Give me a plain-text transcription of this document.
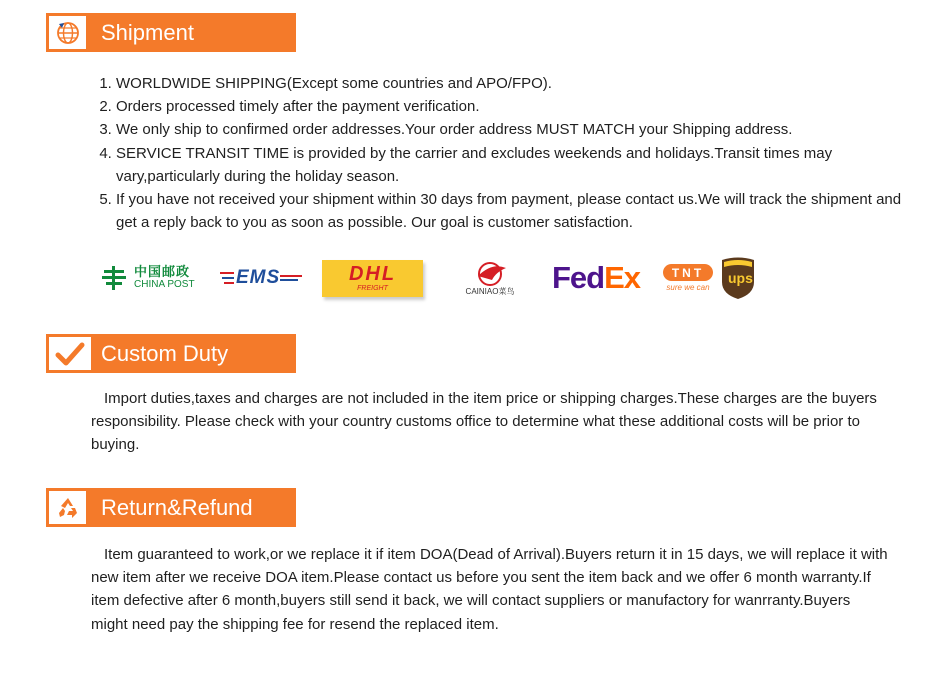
Shipment
1. WORLDWIDE SHIPPING(Except some countries and APO/FPO).
2. Orders processed timely after the payment verification.
3. We only ship to confirmed order addresses.Your order address MUST MATCH your Shipping address.
4. SERVICE TRANSIT TIME is provided by the carrier and excludes weekends and holidays.Transit times may vary,particularly during the holiday season.
5. If you have not received your shipment within 30 days from payment, please contact us.We will track the shipment and get a reply back to you as soon as possible. Our goal is customer satisfaction.
中国邮政
CHINA POST EMS	DHL
FREIGHT	CAINIAO菜鸟 Fed Ex	TNT
sure we can
ups
Custom Duty

Import duties,taxes and charges are not included in the item price or shipping charges.These charges are the buyers responsibility. Please check with your country customs office to determine what these additional costs will be prior to buying.

Return&Refund

Item guaranteed to work,or we replace it if item DOA(Dead of Arrival).Buyers return it in 15 days, we will replace it with new item after we receive DOA item.Please contact us before you sent the item back and we offer 6 month warranty.If item defective after 6 month,buyers still send it back, we will contact suppliers or manufactory for wanrranty.Buyers might need pay the shipping fee for resend the replaced item.
